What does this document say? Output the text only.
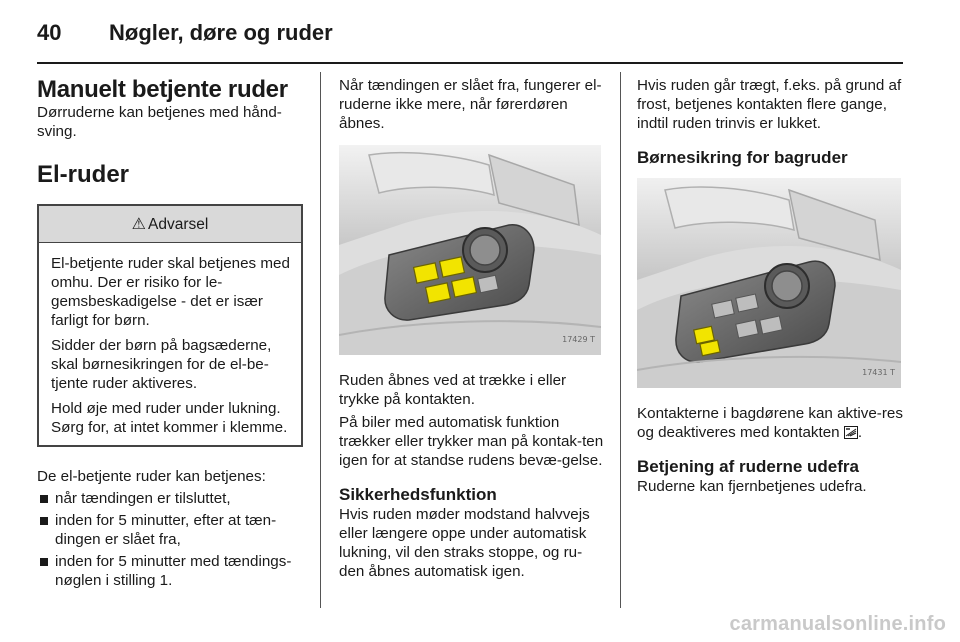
40	Nøgler, døre og ruder
Manuelt betjente ruder

Dørruderne kan betjenes med hånd-sving.

El-ruder
⚠ Advarsel

El-betjente ruder skal betjenes med omhu. Der er risiko for le-gemsbeskadigelse - det er især farligt for børn.

Sidder der børn på bagsæderne, skal børnesikringen for de el-be-tjente ruder aktiveres.

Hold øje med ruder under lukning. Sørg for, at intet kommer i klemme.

De el-betjente ruder kan betjenes:

når tændingen er tilsluttet,
inden for 5 minutter, efter at tæn-dingen er slået fra,
inden for 5 minutter med tændings-nøglen i stilling 1.

Når tændingen er slået fra, fungerer el-ruderne ikke mere, når førerdøren åbnes.

17429 T

Ruden åbnes ved at trække i eller trykke på kontakten.

På biler med automatisk funktion trækker eller trykker man på kontak-ten igen for at standse rudens bevæ-gelse.

Sikkerhedsfunktion

Hvis ruden møder modstand halvvejs eller længere oppe under automatisk lukning, vil den straks stoppe, og ru-den åbnes automatisk igen.

Hvis ruden går trægt, f.eks. på grund af frost, betjenes kontakten flere gange, indtil ruden trinvis er lukket.

Børnesikring for bagruder
17431 T

Kontakterne i bagdørene kan aktive-res og deaktiveres med kontakten .

Betjening af ruderne udefra

Ruderne kan fjernbetjenes udefra.

carmanualsonline.info
